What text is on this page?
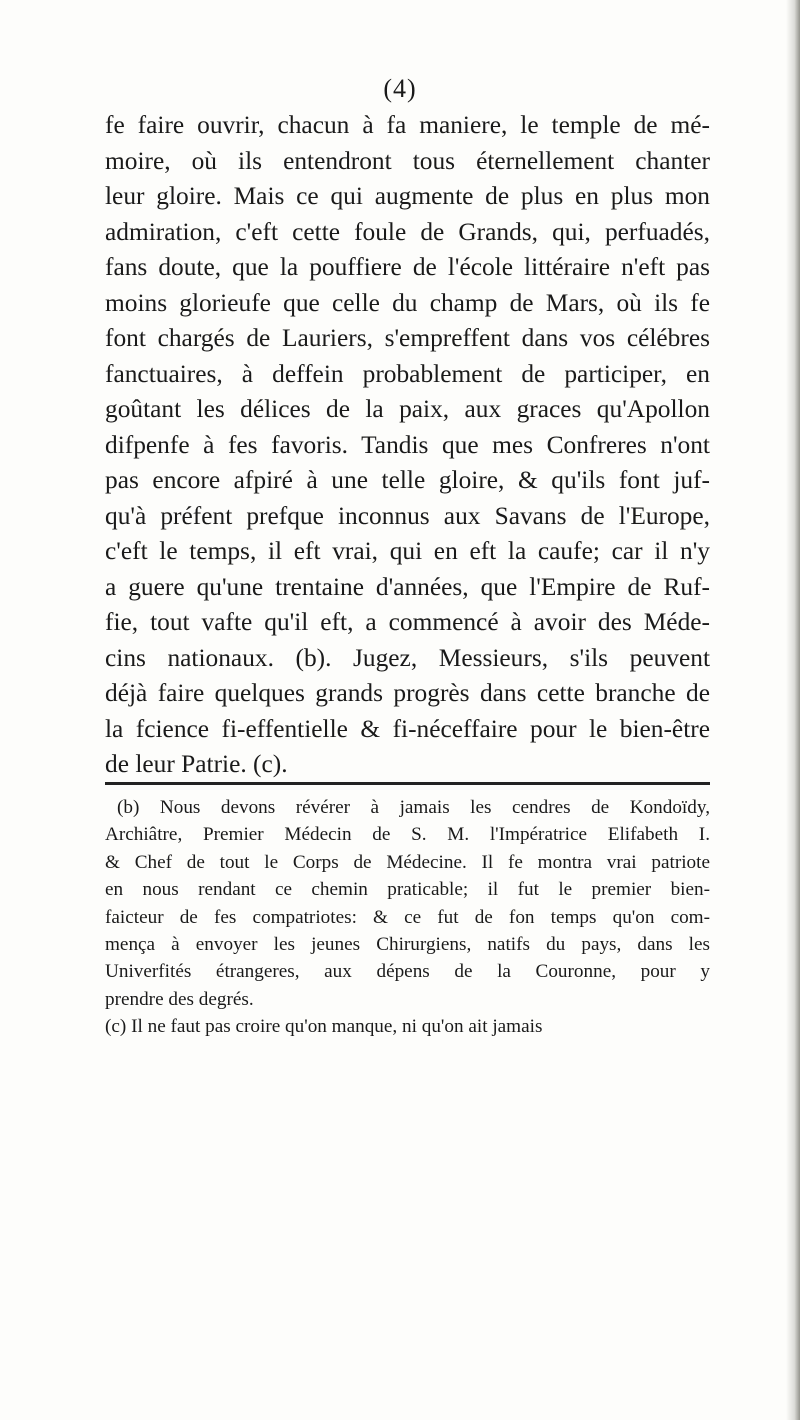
(4)
fe faire ouvrir, chacun à fa maniere, le temple de mé-
moire, où ils entendront tous éternellement chanter
leur gloire. Mais ce qui augmente de plus en plus mon
admiration, c'eft cette foule de Grands, qui, perfuadés,
fans doute, que la pouffiere de l'école littéraire n'eft pas
moins glorieufe que celle du champ de Mars, où ils fe
font chargés de Lauriers, s'empreffent dans vos célébres
fanctuaires, à deffein probablement de participer, en
goûtant les délices de la paix, aux graces qu'Apollon
difpenfe à fes favoris. Tandis que mes Confreres n'ont
pas encore afpiré à une telle gloire, & qu'ils font juf-
qu'à préfent prefque inconnus aux Savans de l'Europe,
c'eft le temps, il eft vrai, qui en eft la caufe; car il n'y
a guere qu'une trentaine d'années, que l'Empire de Ruf-
fie, tout vafte qu'il eft, a commencé à avoir des Méde-
cins nationaux. (b). Jugez, Messieurs, s'ils peuvent
déjà faire quelques grands progrès dans cette branche de
la fcience fi-effentielle & fi-néceffaire pour le bien-être
de leur Patrie. (c).
(b) Nous devons révérer à jamais les cendres de Kondoïdy,
Archiâtre, Premier Médecin de S. M. l'Impératrice Elifabeth I.
& Chef de tout le Corps de Médecine. Il fe montra vrai patriote
en nous rendant ce chemin praticable; il fut le premier bien-
faicteur de fes compatriotes: & ce fut de fon temps qu'on com-
mença à envoyer les jeunes Chirurgiens, natifs du pays, dans les
Univerfités étrangeres, aux dépens de la Couronne, pour y
prendre des degrés.
(c) Il ne faut pas croire qu'on manque, ni qu'on ait jamais
